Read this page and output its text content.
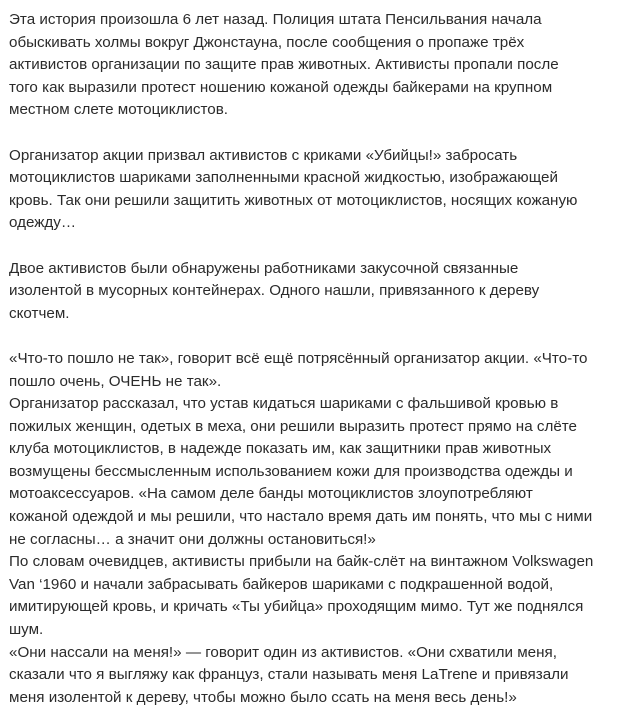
Эта история произошла 6 лет назад. Полиция штата Пенсильвания начала
обыскивать холмы вокруг Джонстауна, после сообщения о пропаже трёх
активистов организации по защите прав животных. Активисты пропали после
того как выразили протест ношению кожаной одежды байкерами на крупном
местном слете мотоциклистов.
Организатор акции призвал активистов с криками «Убийцы!» забросать
мотоциклистов шариками заполненными красной жидкостью, изображающей
кровь. Так они решили защитить животных от мотоциклистов, носящих кожаную
одежду…
Двое активистов были обнаружены работниками закусочной связанные
изолентой в мусорных контейнерах. Одного нашли, привязанного к дереву
скотчем.
«Что-то пошло не так», говорит всё ещё потрясённый организатор акции. «Что-то
пошло очень, ОЧЕНЬ не так».
Организатор рассказал, что устав кидаться шариками с фальшивой кровью в
пожилых женщин, одетых в меха, они решили выразить протест прямо на слёте
клуба мотоциклистов, в надежде показать им, как защитники прав животных
возмущены бессмысленным использованием кожи для производства одежды и
мотоаксессуаров. «На самом деле банды мотоциклистов злоупотребляют
кожаной одеждой и мы решили, что настало время дать им понять, что мы с ними
не согласны… а значит они должны остановиться!»
По словам очевидцев, активисты прибыли на байк-слёт на винтажном Volkswagen
Van ‘1960 и начали забрасывать байкеров шариками с подкрашенной водой,
имитирующей кровь, и кричать «Ты убийца» проходящим мимо. Тут же поднялся
шум.
«Они нассали на меня!» — говорит один из активистов. «Они схватили меня,
сказали что я выгляжу как француз, стали называть меня LaTrene и привязали
меня изолентой к дереву, чтобы можно было ссать на меня весь день!»
